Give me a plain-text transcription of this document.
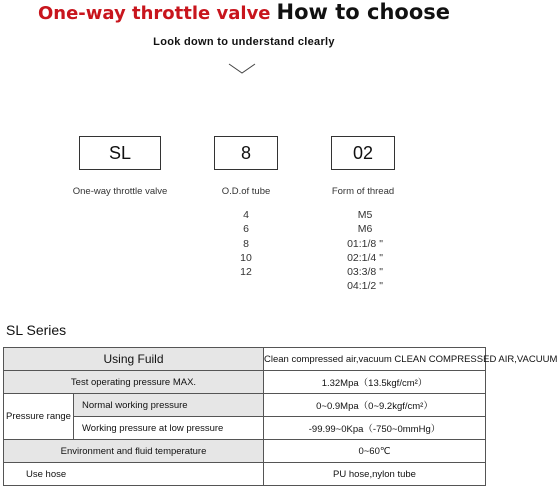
One-way throttle valve How to choose
Look down to understand clearly
SL	8	02
One-way throttle valve	O.D.of tube	Form of thread
4
6
8
10
12
M5
M6
01:1/8 "
02:1/4 "
03:3/8 "
04:1/2 "
SL Series
Using Fuild		Clean compressed air,vacuum CLEAN COMPRESSED AIR,VACUUM
Test operating pressure MAX.		1.32Mpa（13.5kgf/cm²）
Pressure range	Normal working pressure	0~0.9Mpa（0~9.2kgf/cm²）
	Working pressure at low pressure	-99.99~0Kpa（-750~0mmHg）
Environment and fluid temperature		0~60℃
Use hose		PU hose,nylon tube
